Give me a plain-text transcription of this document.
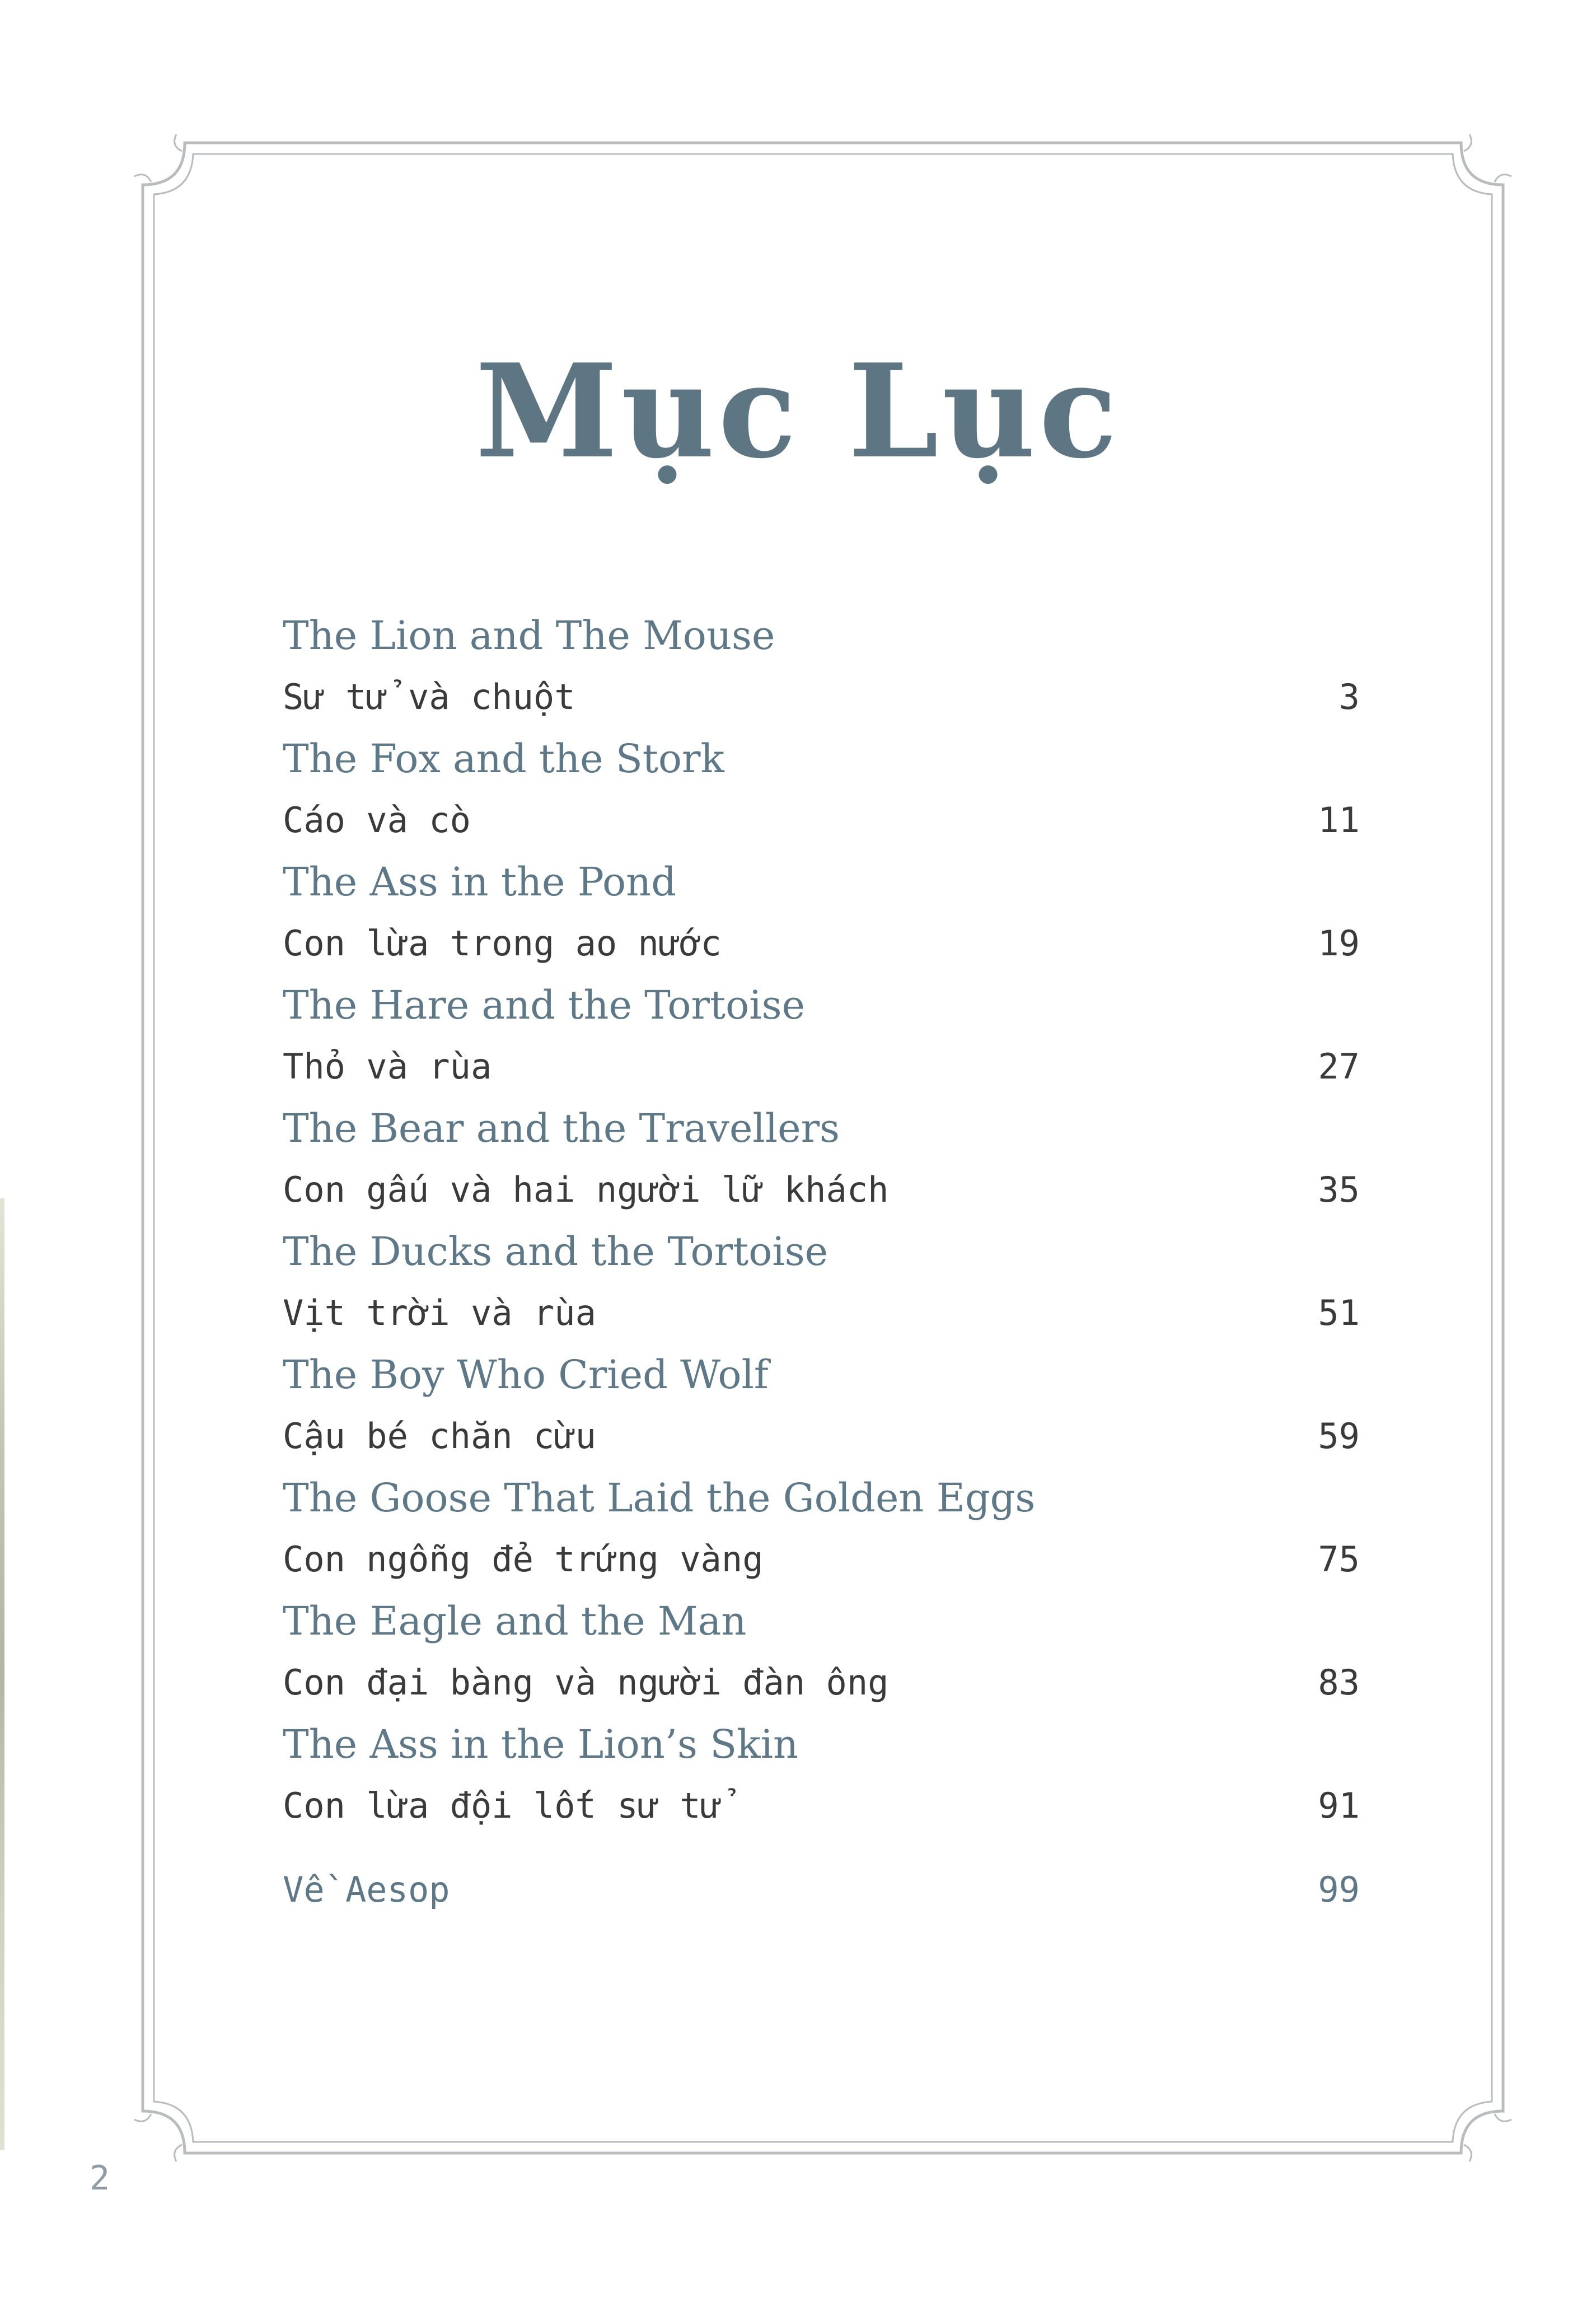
Mục Lục
The Lion and The Mouse
Sư tử và chuột	3
The Fox and the Stork
Cáo và cò	11
The Ass in the Pond
Con lừa trong ao nước	19
The Hare and the Tortoise
Thỏ và rùa	27
The Bear and the Travellers
Con gấu và hai người lữ khách	35
The Ducks and the Tortoise
Vịt trời và rùa	51
The Boy Who Cried Wolf
Cậu bé chăn cừu	59
The Goose That Laid the Golden Eggs
Con ngỗng đẻ trứng vàng	75
The Eagle and the Man
Con đại bàng và người đàn ông	83
The Ass in the Lion’s Skin
Con lừa đội lốt sư tử	91
Về Aesop	99
2
